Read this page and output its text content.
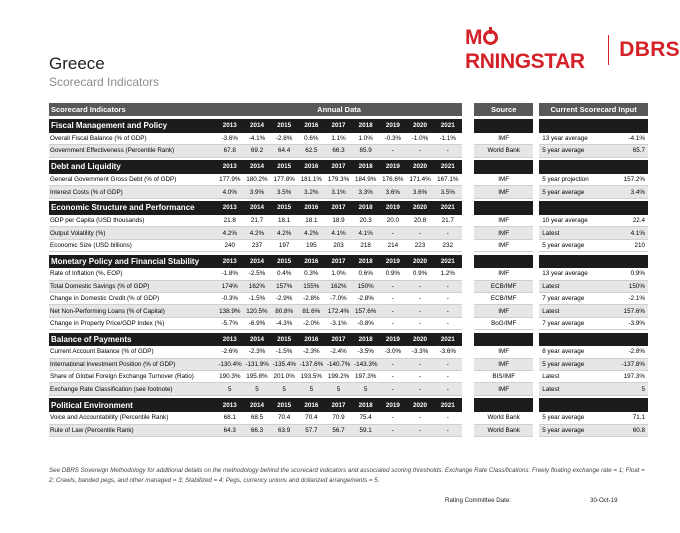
Greece
Scorecard Indicators
MRNINGSTAR
DBRS
Scorecard Indicators	Annual Data										Source		Current Scorecard Input	

Fiscal Management and Policy	2013	2014	2015	2016	2017	2018	2019	2020	2021					
Overall Fiscal Balance (% of GDP)	-3.6%	-4.1%	-2.8%	0.6%	1.1%	1.0%	-0.3%	-1.0%	-1.1%		IMF		13 year average	-4.1%
Government Effectiveness (Percentile Rank)	67.8	69.2	64.4	62.5	66.3	65.9	-	-	-		World Bank		5 year average	65.7

Debt and Liquidity	2013	2014	2015	2016	2017	2018	2019	2020	2021					
General Government Gross Debt (% of GDP)	177.9%	180.2%	177.8%	181.1%	179.3%	184.9%	176.6%	171.4%	167.1%		IMF		5 year projection	157.2%
Interest Costs (% of GDP)	4.0%	3.9%	3.5%	3.2%	3.1%	3.3%	3.6%	3.6%	3.5%		IMF		5 year average	3.4%

Economic Structure and Performance	2013	2014	2015	2016	2017	2018	2019	2020	2021					
GDP per Capita (USD thousands)	21.8	21.7	18.1	18.1	18.9	20.3	20.0	20.8	21.7		IMF		10 year average	22.4
Output Volatility (%)	4.2%	4.2%	4.2%	4.2%	4.1%	4.1%	-	-	-		IMF		Latest	4.1%
Economic Size (USD billions)	240	237	197	195	203	218	214	223	232		IMF		5 year average	210

Monetary Policy and Financial Stability	2013	2014	2015	2016	2017	2018	2019	2020	2021					
Rate of Inflation (%, EOP)	-1.8%	-2.5%	0.4%	0.3%	1.0%	0.6%	0.9%	0.9%	1.2%		IMF		13 year average	0.9%
Total Domestic Savings (% of GDP)	174%	162%	157%	155%	162%	150%	-	-	-		ECB/IMF		Latest	150%
Change in Domestic Credit (% of GDP)	-0.3%	-1.5%	-2.9%	-2.8%	-7.0%	-2.8%	-	-	-		ECB/IMF		7 year average	-2.1%
Net Non-Performing Loans (% of Capital)	138.9%	120.5%	80.8%	81.6%	172.4%	157.6%	-	-	-		IMF		Latest	157.6%
Change in Property Price/GDP Index (%)	-5.7%	-6.9%	-4.3%	-2.0%	-3.1%	-0.8%	-	-	-		BoG/IMF		7 year average	-3.9%

Balance of Payments	2013	2014	2015	2016	2017	2018	2019	2020	2021					
Current Account Balance (% of GDP)	-2.6%	-2.3%	-1.5%	-2.3%	-2.4%	-3.5%	-3.0%	-3.3%	-3.6%		IMF		8 year average	-2.8%
International Investment Position (% of GDP)	-130.4%	-131.9%	-135.4%	-137.6%	-140.7%	-143.3%	-	-	-		IMF		5 year average	-137.8%
Share of Global Foreign Exchange Turnover (Ratio)	190.3%	195.8%	201.0%	193.5%	199.2%	197.3%	-	-	-		BIS/IMF		Latest	197.3%
Exchange Rate Classification (see footnote)	5	5	5	5	5	5	-	-	-		IMF		Latest	5

Political Environment	2013	2014	2015	2016	2017	2018	2019	2020	2021					
Voice and Accountability (Percentile Rank)	68.1	68.5	70.4	70.4	70.9	75.4	-	-	-		World Bank		5 year average	71.1
Rule of Law (Percentile Rank)	64.3	66.3	63.9	57.7	56.7	59.1	-	-	-		World Bank		5 year average	60.8
See DBRS Sovereign Methodology for additional details on the methodology behind the scorecard indicators and associated scoring thresholds. Exchange Rate Classifications: Freely floating exchange rate = 1; Float = 2; Crawls, banded pegs, and other managed = 3; Stabilized = 4; Pegs, currency unions and dollarized arrangements = 5.
Rating Committee Date:	30-Oct-19
